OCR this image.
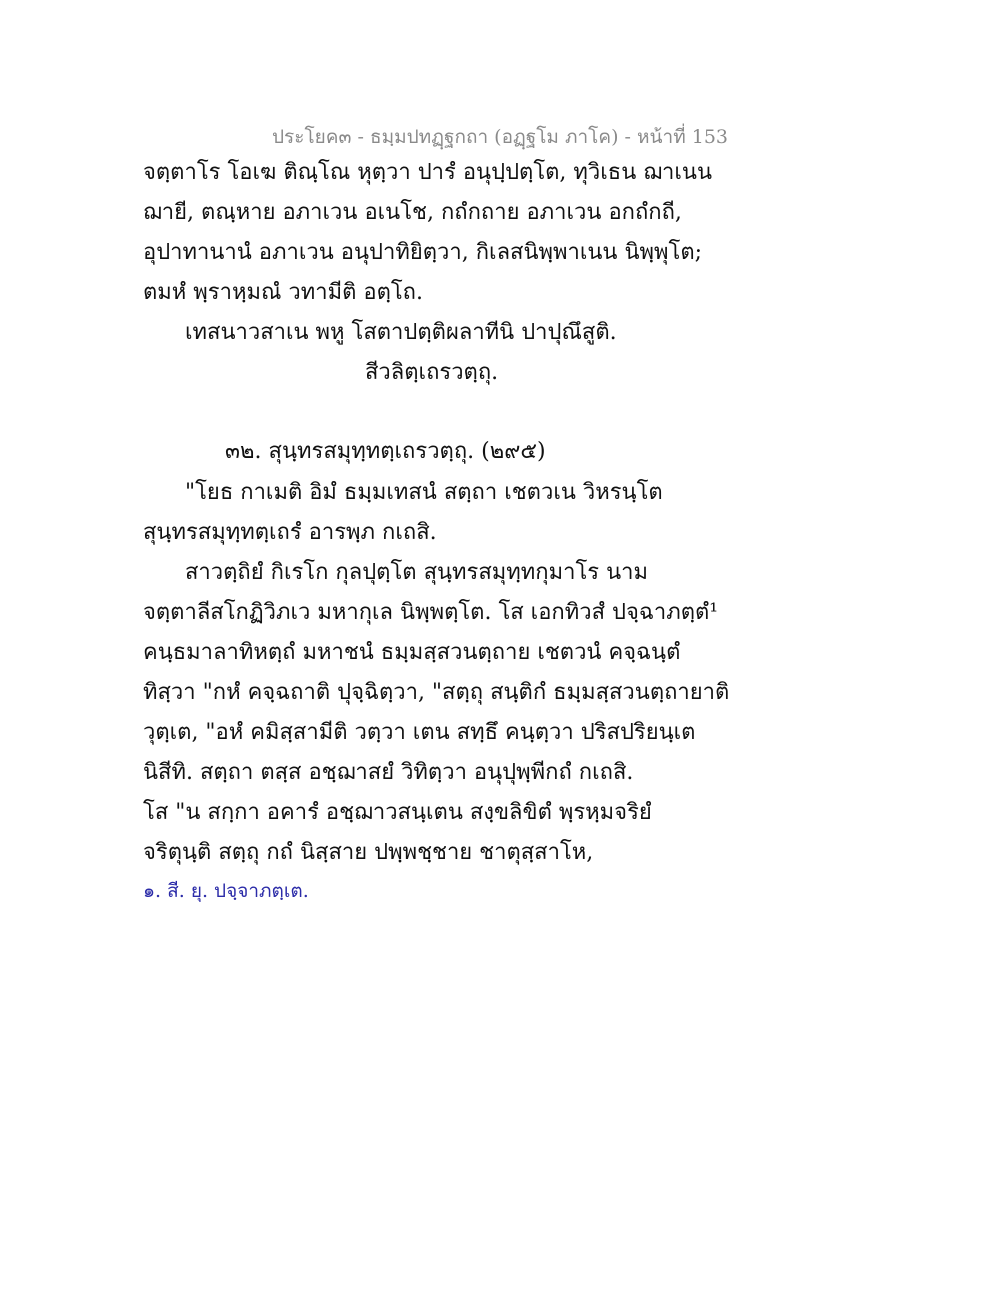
ประโยค๓ - ธมฺมปทฏฺฐกถา (อฏฺฐโม ภาโค) - หน้าที่ 153
จตฺตาโร โอเฆ ติณฺโณ หุตฺวา ปารํ อนุปฺปตฺโต, ทุวิเธน ฌาเนน
ฌายี, ตณฺหาย อภาเวน อเนโช, กถํกถาย อภาเวน อกถํกถี,
อุปาทานานํ อภาเวน อนุปาทิยิตฺวา, กิเลสนิพฺพาเนน นิพฺพุโต;
ตมหํ พฺราหฺมณํ วทามีติ อตฺโถ.
เทสนาวสาเน พหู โสตาปตฺติผลาทีนิ ปาปุณึสูติ.
สีวลิตฺเถรวตฺถุ.
๓๒. สุนฺทรสมุทฺทตฺเถรวตฺถุ. (๒๙๕)
"โยธ กาเมติ อิมํ ธมฺมเทสนํ สตฺถา เชตวเน วิหรนฺโต
สุนฺทรสมุทฺทตฺเถรํ อารพฺภ กเถสิ.
สาวตฺถิยํ กิเรโก กุลปุตฺโต สุนฺทรสมุทฺทกุมาโร นาม
จตฺตาลีสโกฏิวิภเว มหากุเล นิพฺพตฺโต. โส เอกทิวสํ ปจฺฉาภตฺตํ¹
คนฺธมาลาทิหตฺถํ มหาชนํ ธมฺมสฺสวนตฺถาย เชตวนํ คจฺฉนฺตํ
ทิสฺวา "กหํ คจฺฉถาติ ปุจฺฉิตฺวา, "สตฺถุ สนฺติกํ ธมฺมสฺสวนตฺถายาติ
วุตฺเต, "อหํ คมิสฺสามีติ วตฺวา เตน สทฺธึ คนฺตฺวา ปริสปริยนฺเต
นิสีทิ. สตฺถา ตสฺส อชฺฌาสยํ วิทิตฺวา อนุปุพฺพีกถํ กเถสิ.
โส "น สกฺกา อคารํ อชฺฌาวสนฺเตน สงฺขลิขิตํ พฺรหฺมจริยํ
จริตุนฺติ สตฺถุ กถํ นิสฺสาย ปพฺพชฺชาย ชาตุสฺสาโห,
๑. สี. ยุ. ปจฺจาภตฺเต.
